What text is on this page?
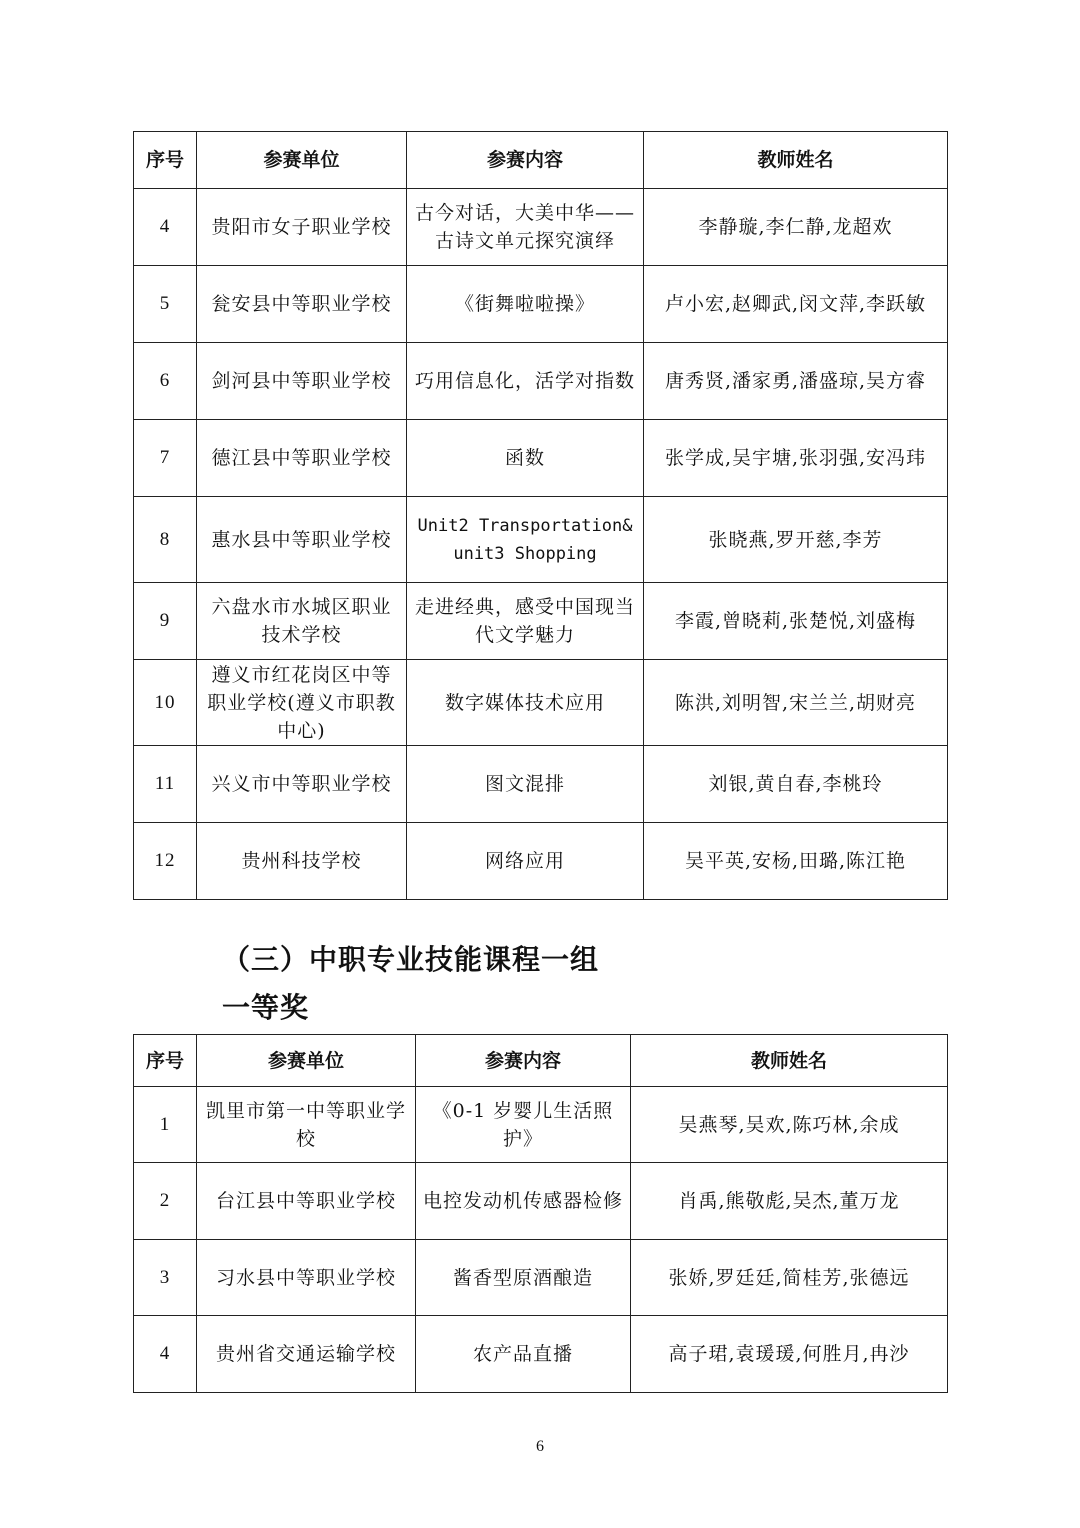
序号	参赛单位	参赛内容	教师姓名
4	贵阳市女子职业学校	古今对话，大美中华——古诗文单元探究演绎	李静璇,李仁静,龙超欢
5	瓮安县中等职业学校	《街舞啦啦操》	卢小宏,赵卿武,闵文萍,李跃敏
6	剑河县中等职业学校	巧用信息化，活学对指数	唐秀贤,潘家勇,潘盛琼,吴方睿
7	德江县中等职业学校	函数	张学成,吴宇塘,张羽强,安冯玮
8	惠水县中等职业学校	Unit2 Transportation&unit3 Shopping	张晓燕,罗开慈,李芳
9	六盘水市水城区职业技术学校	走进经典，感受中国现当代文学魅力	李霞,曾晓莉,张楚悦,刘盛梅
10	遵义市红花岗区中等职业学校(遵义市职教中心)	数字媒体技术应用	陈洪,刘明智,宋兰兰,胡财亮
11	兴义市中等职业学校	图文混排	刘银,黄自春,李桃玲
12	贵州科技学校	网络应用	吴平英,安杨,田璐,陈江艳
（三）中职专业技能课程一组
一等奖
序号	参赛单位	参赛内容	教师姓名
1	凯里市第一中等职业学校	《0-1 岁婴儿生活照护》	吴燕琴,吴欢,陈巧林,余成
2	台江县中等职业学校	电控发动机传感器检修	肖禹,熊敬彪,吴杰,董万龙
3	习水县中等职业学校	酱香型原酒酿造	张娇,罗廷廷,简桂芳,张德远
4	贵州省交通运输学校	农产品直播	高子珺,袁瑗瑗,何胜月,冉沙
6
